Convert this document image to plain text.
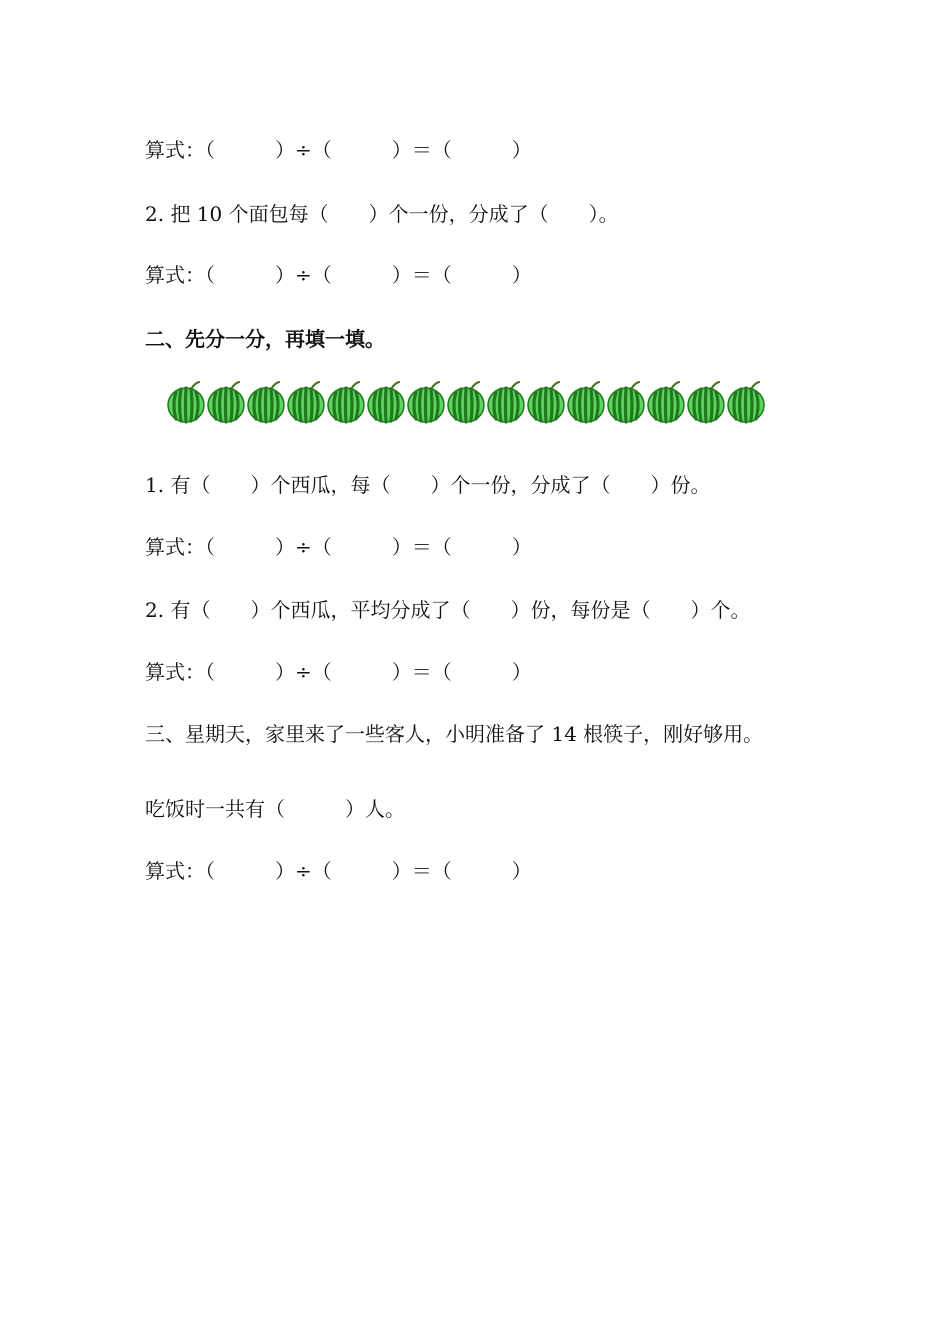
算式：（　　　）÷（　　　）＝（　　　）
2. 把 10 个面包每（　　）个一份，分成了（　　）。
算式：（　　　）÷（　　　）＝（　　　）
二、先分一分，再填一填。
1. 有（　　）个西瓜，每（　　）个一份，分成了（　　）份。
算式：（　　　）÷（　　　）＝（　　　）
2. 有（　　）个西瓜，平均分成了（　　）份，每份是（　　）个。
算式：（　　　）÷（　　　）＝（　　　）
三、星期天，家里来了一些客人，小明准备了 14 根筷子，刚好够用。
吃饭时一共有（　　　）人。
算式：（　　　）÷（　　　）＝（　　　）
